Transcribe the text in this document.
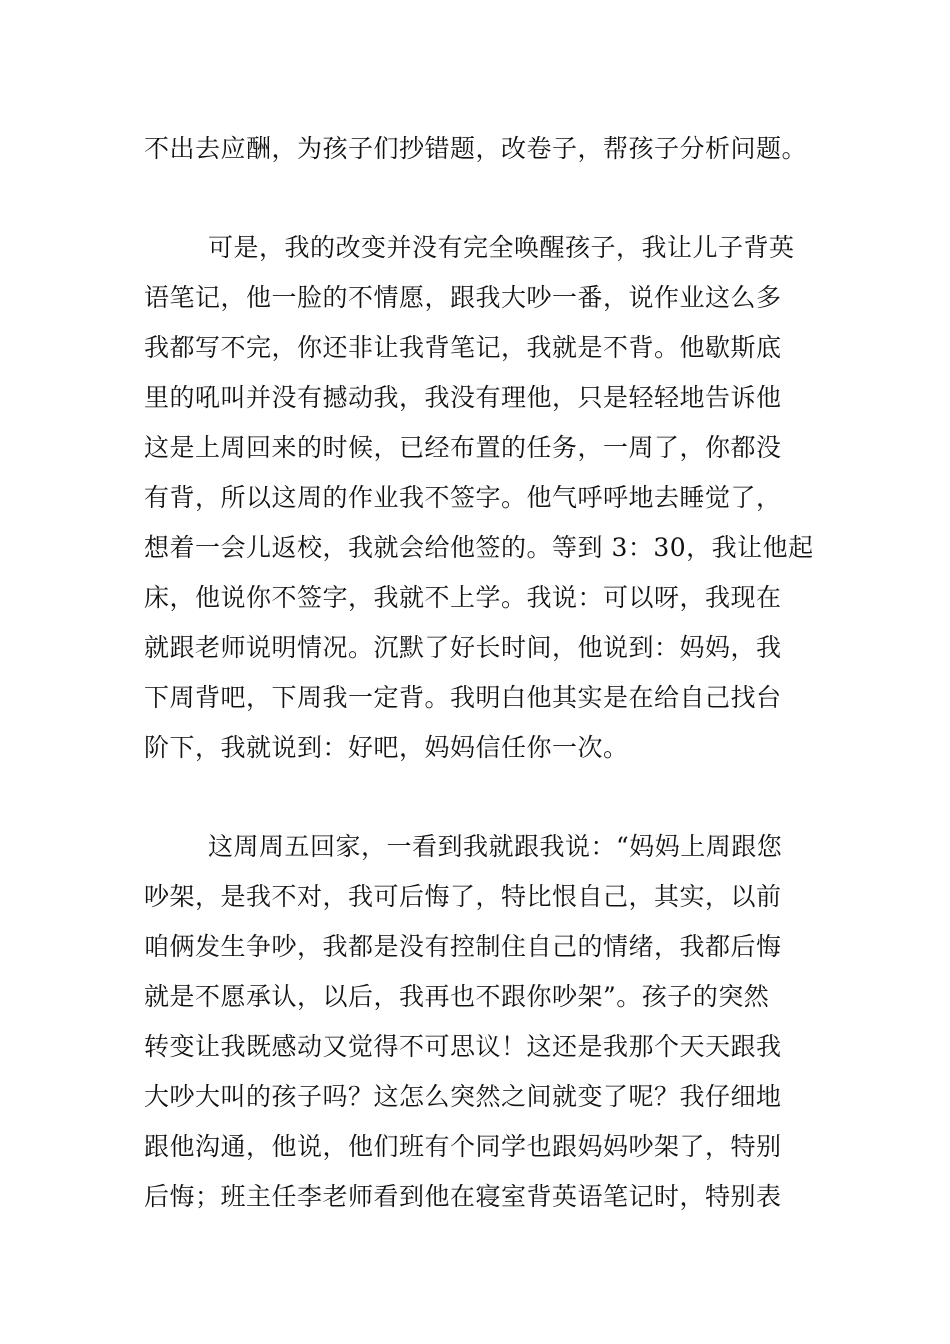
不出去应酬，为孩子们抄错题，改卷子，帮孩子分析问题。

可是，我的改变并没有完全唤醒孩子，我让儿子背英

语笔记，他一脸的不情愿，跟我大吵一番，说作业这么多

我都写不完，你还非让我背笔记，我就是不背。他歇斯底

里的吼叫并没有撼动我，我没有理他，只是轻轻地告诉他

这是上周回来的时候，已经布置的任务，一周了，你都没

有背，所以这周的作业我不签字。他气呼呼地去睡觉了，

想着一会儿返校，我就会给他签的。等到 3：30，我让他起

床，他说你不签字，我就不上学。我说：可以呀，我现在

就跟老师说明情况。沉默了好长时间，他说到：妈妈，我

下周背吧，下周我一定背。我明白他其实是在给自己找台

阶下，我就说到：好吧，妈妈信任你一次。

这周周五回家，一看到我就跟我说：“妈妈上周跟您

吵架，是我不对，我可后悔了，特比恨自己，其实，以前

咱俩发生争吵，我都是没有控制住自己的情绪，我都后悔

就是不愿承认，以后，我再也不跟你吵架”。孩子的突然

转变让我既感动又觉得不可思议！这还是我那个天天跟我

大吵大叫的孩子吗？这怎么突然之间就变了呢？我仔细地

跟他沟通，他说，他们班有个同学也跟妈妈吵架了，特别

后悔；班主任李老师看到他在寝室背英语笔记时，特别表
